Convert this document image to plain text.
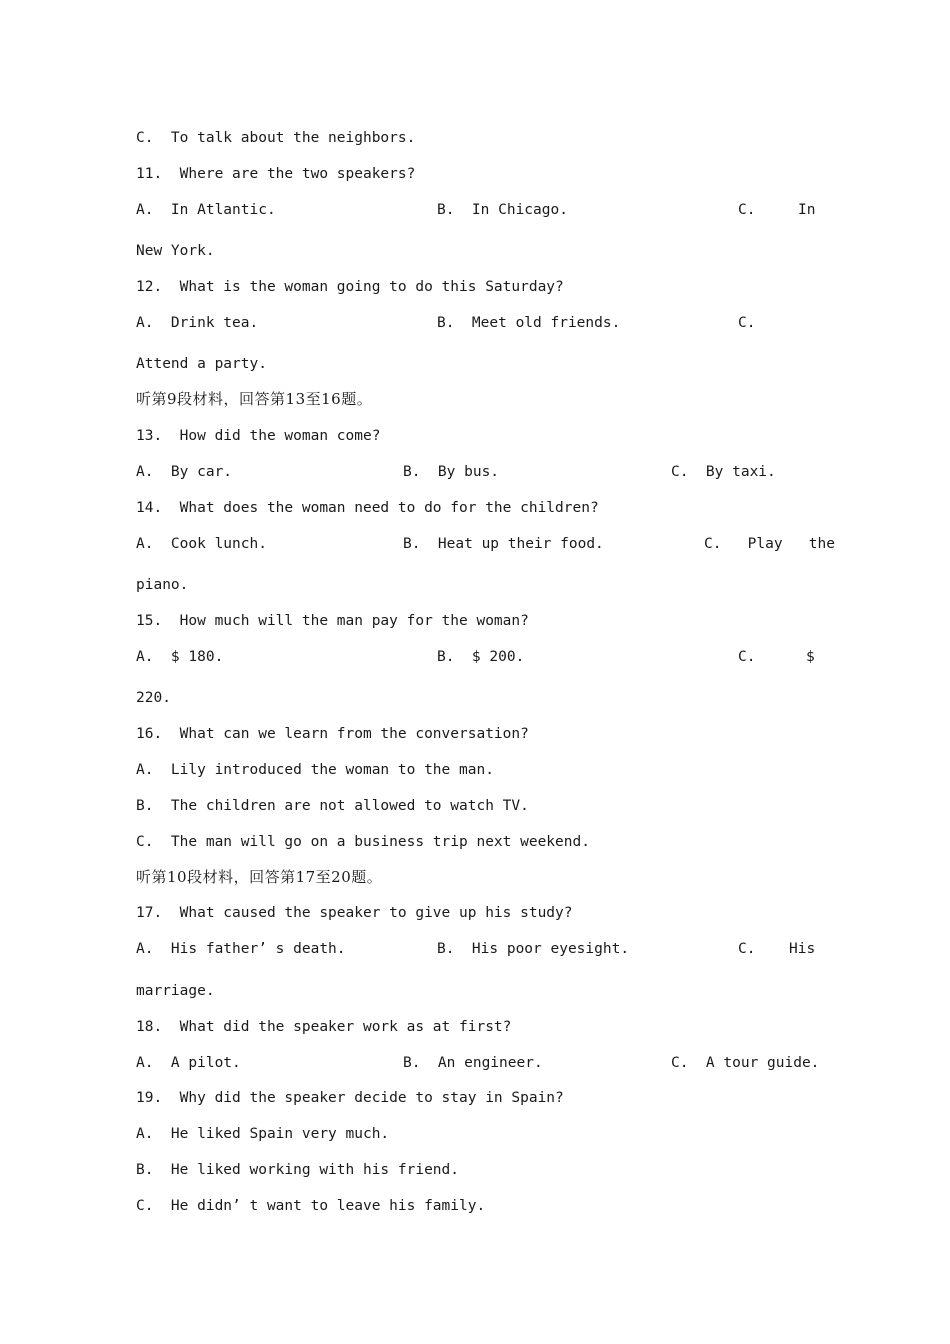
C.  To talk about the neighbors.
11.  Where are the two speakers?
A.  In Atlantic.	B.  In Chicago.	C.	In
New York.
12.  What is the woman going to do this Saturday?
A.  Drink tea.	B.  Meet old friends.	C.
Attend a party.
听第9段材料，回答第13至16题。
13.  How did the woman come?
A.  By car.	B.  By bus.	C.  By taxi.
14.  What does the woman need to do for the children?
A.  Cook lunch.	B.  Heat up their food.	C.   Play   the
piano.
15.  How much will the man pay for the woman?
A.  $ 180.	B.  $ 200.	C.	$
220.
16.  What can we learn from the conversation?
A.  Lily introduced the woman to the man.
B.  The children are not allowed to watch TV.
C.  The man will go on a business trip next weekend.
听第10段材料，回答第17至20题。
17.  What caused the speaker to give up his study?
A.  His father’ s death.	B.  His poor eyesight.	C. His
marriage.
18.  What did the speaker work as at first?
A.  A pilot.	B.  An engineer.	C.  A tour guide.
19.  Why did the speaker decide to stay in Spain?
A.  He liked Spain very much.
B.  He liked working with his friend.
C.  He didn’ t want to leave his family.
